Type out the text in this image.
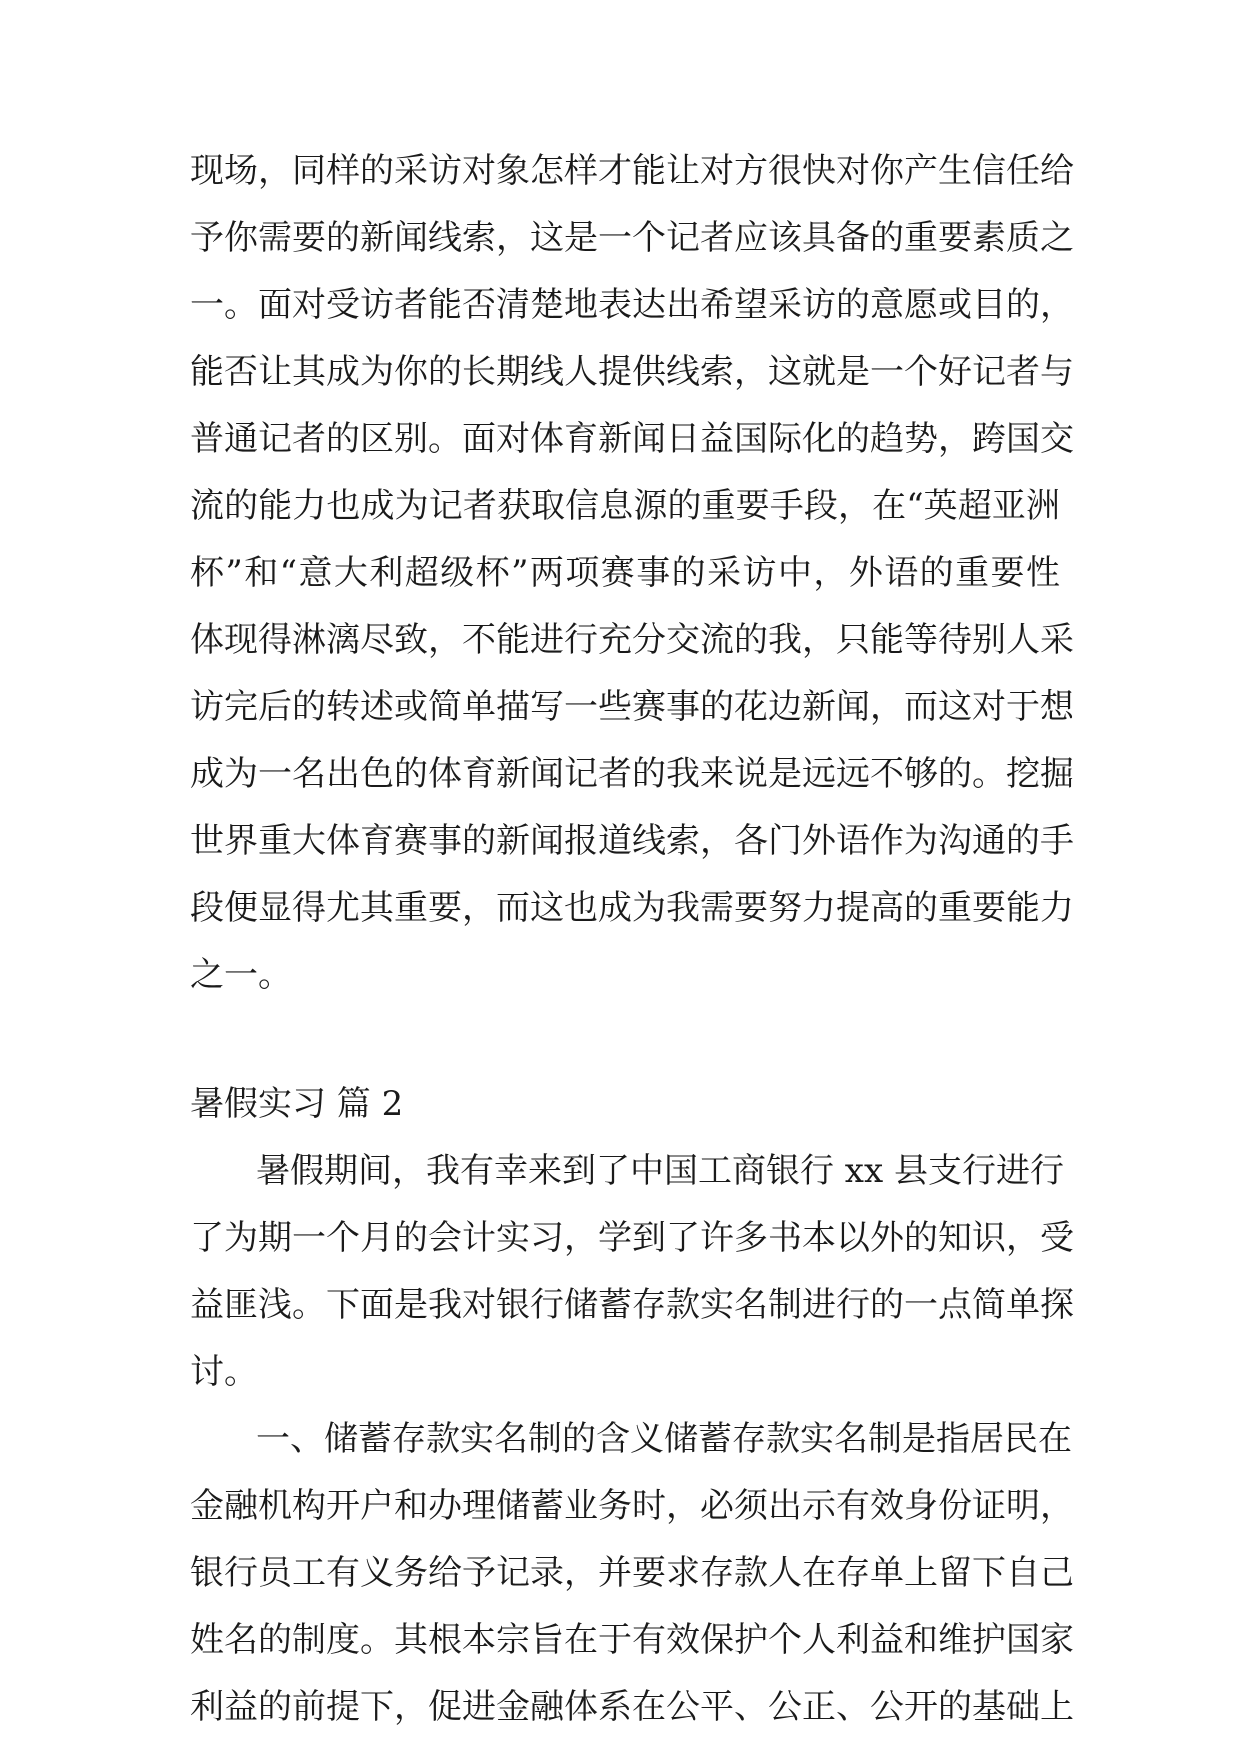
现场，同样的采访对象怎样才能让对方很快对你产生信任给

予你需要的新闻线索，这是一个记者应该具备的重要素质之

一。面对受访者能否清楚地表达出希望采访的意愿或目的，

能否让其成为你的长期线人提供线索，这就是一个好记者与

普通记者的区别。面对体育新闻日益国际化的趋势，跨国交

流的能力也成为记者获取信息源的重要手段，在“英超亚洲

杯”和“意大利超级杯”两项赛事的采访中，外语的重要性

体现得淋漓尽致，不能进行充分交流的我，只能等待别人采

访完后的转述或简单描写一些赛事的花边新闻，而这对于想

成为一名出色的体育新闻记者的我来说是远远不够的。挖掘

世界重大体育赛事的新闻报道线索，各门外语作为沟通的手

段便显得尤其重要，而这也成为我需要努力提高的重要能力

之一。

暑假实习 篇 2

暑假期间，我有幸来到了中国工商银行 xx 县支行进行

了为期一个月的会计实习，学到了许多书本以外的知识，受

益匪浅。下面是我对银行储蓄存款实名制进行的一点简单探

讨。

一、储蓄存款实名制的含义储蓄存款实名制是指居民在

金融机构开户和办理储蓄业务时，必须出示有效身份证明，

银行员工有义务给予记录，并要求存款人在存单上留下自己

姓名的制度。其根本宗旨在于有效保护个人利益和维护国家

利益的前提下，促进金融体系在公平、公正、公开的基础上
